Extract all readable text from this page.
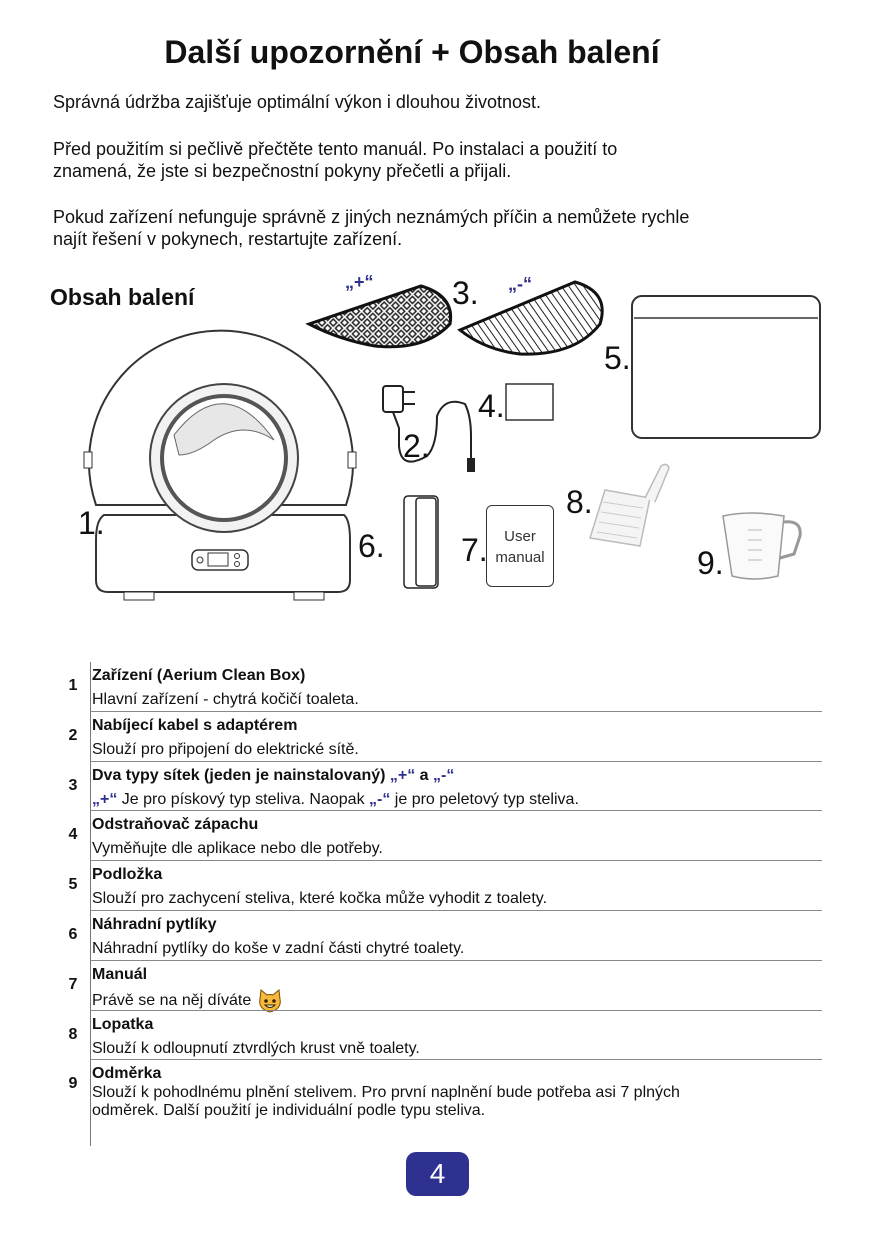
Další upozornění + Obsah balení
Správná údržba zajišťuje optimální výkon i dlouhou životnost.
Před použitím si pečlivě přečtěte tento manuál. Po instalaci a použití to
znamená, že jste si bezpečnostní pokyny přečetli a přijali.
Pokud zařízení nefunguje správně z jiných neznámých příčin a nemůžete rychle
najít řešení v pokynech, restartujte zařízení.
Obsah balení
1.
2.
„+“	„-“
3.
4.
5.
6.	User
manual
7.
8.
9.
1
Zařízení (Aerium Clean Box)
Hlavní zařízení - chytrá kočičí toaleta.
2
Nabíjecí kabel s adaptérem
Slouží pro připojení do elektrické sítě.
3
Dva typy sítek (jeden je nainstalovaný) „+“ a „-“
„+“ Je pro pískový typ steliva. Naopak „-“ je pro peletový typ steliva.
4
Odstraňovač zápachu
Vyměňujte dle aplikace nebo dle potřeby.
5
Podložka
Slouží pro zachycení steliva, které kočka může vyhodit z toalety.
6
Náhradní pytlíky
Náhradní pytlíky do koše v zadní části chytré toalety.
7
Manuál
Právě se na něj díváte
8
Lopatka
Slouží k odloupnutí ztvrdlých krust vně toalety.
9
Odměrka
Slouží k pohodlnému plnění stelivem. Pro první naplnění bude potřeba asi 7 plných
odměrek. Další použití je individuální podle typu steliva.
4
